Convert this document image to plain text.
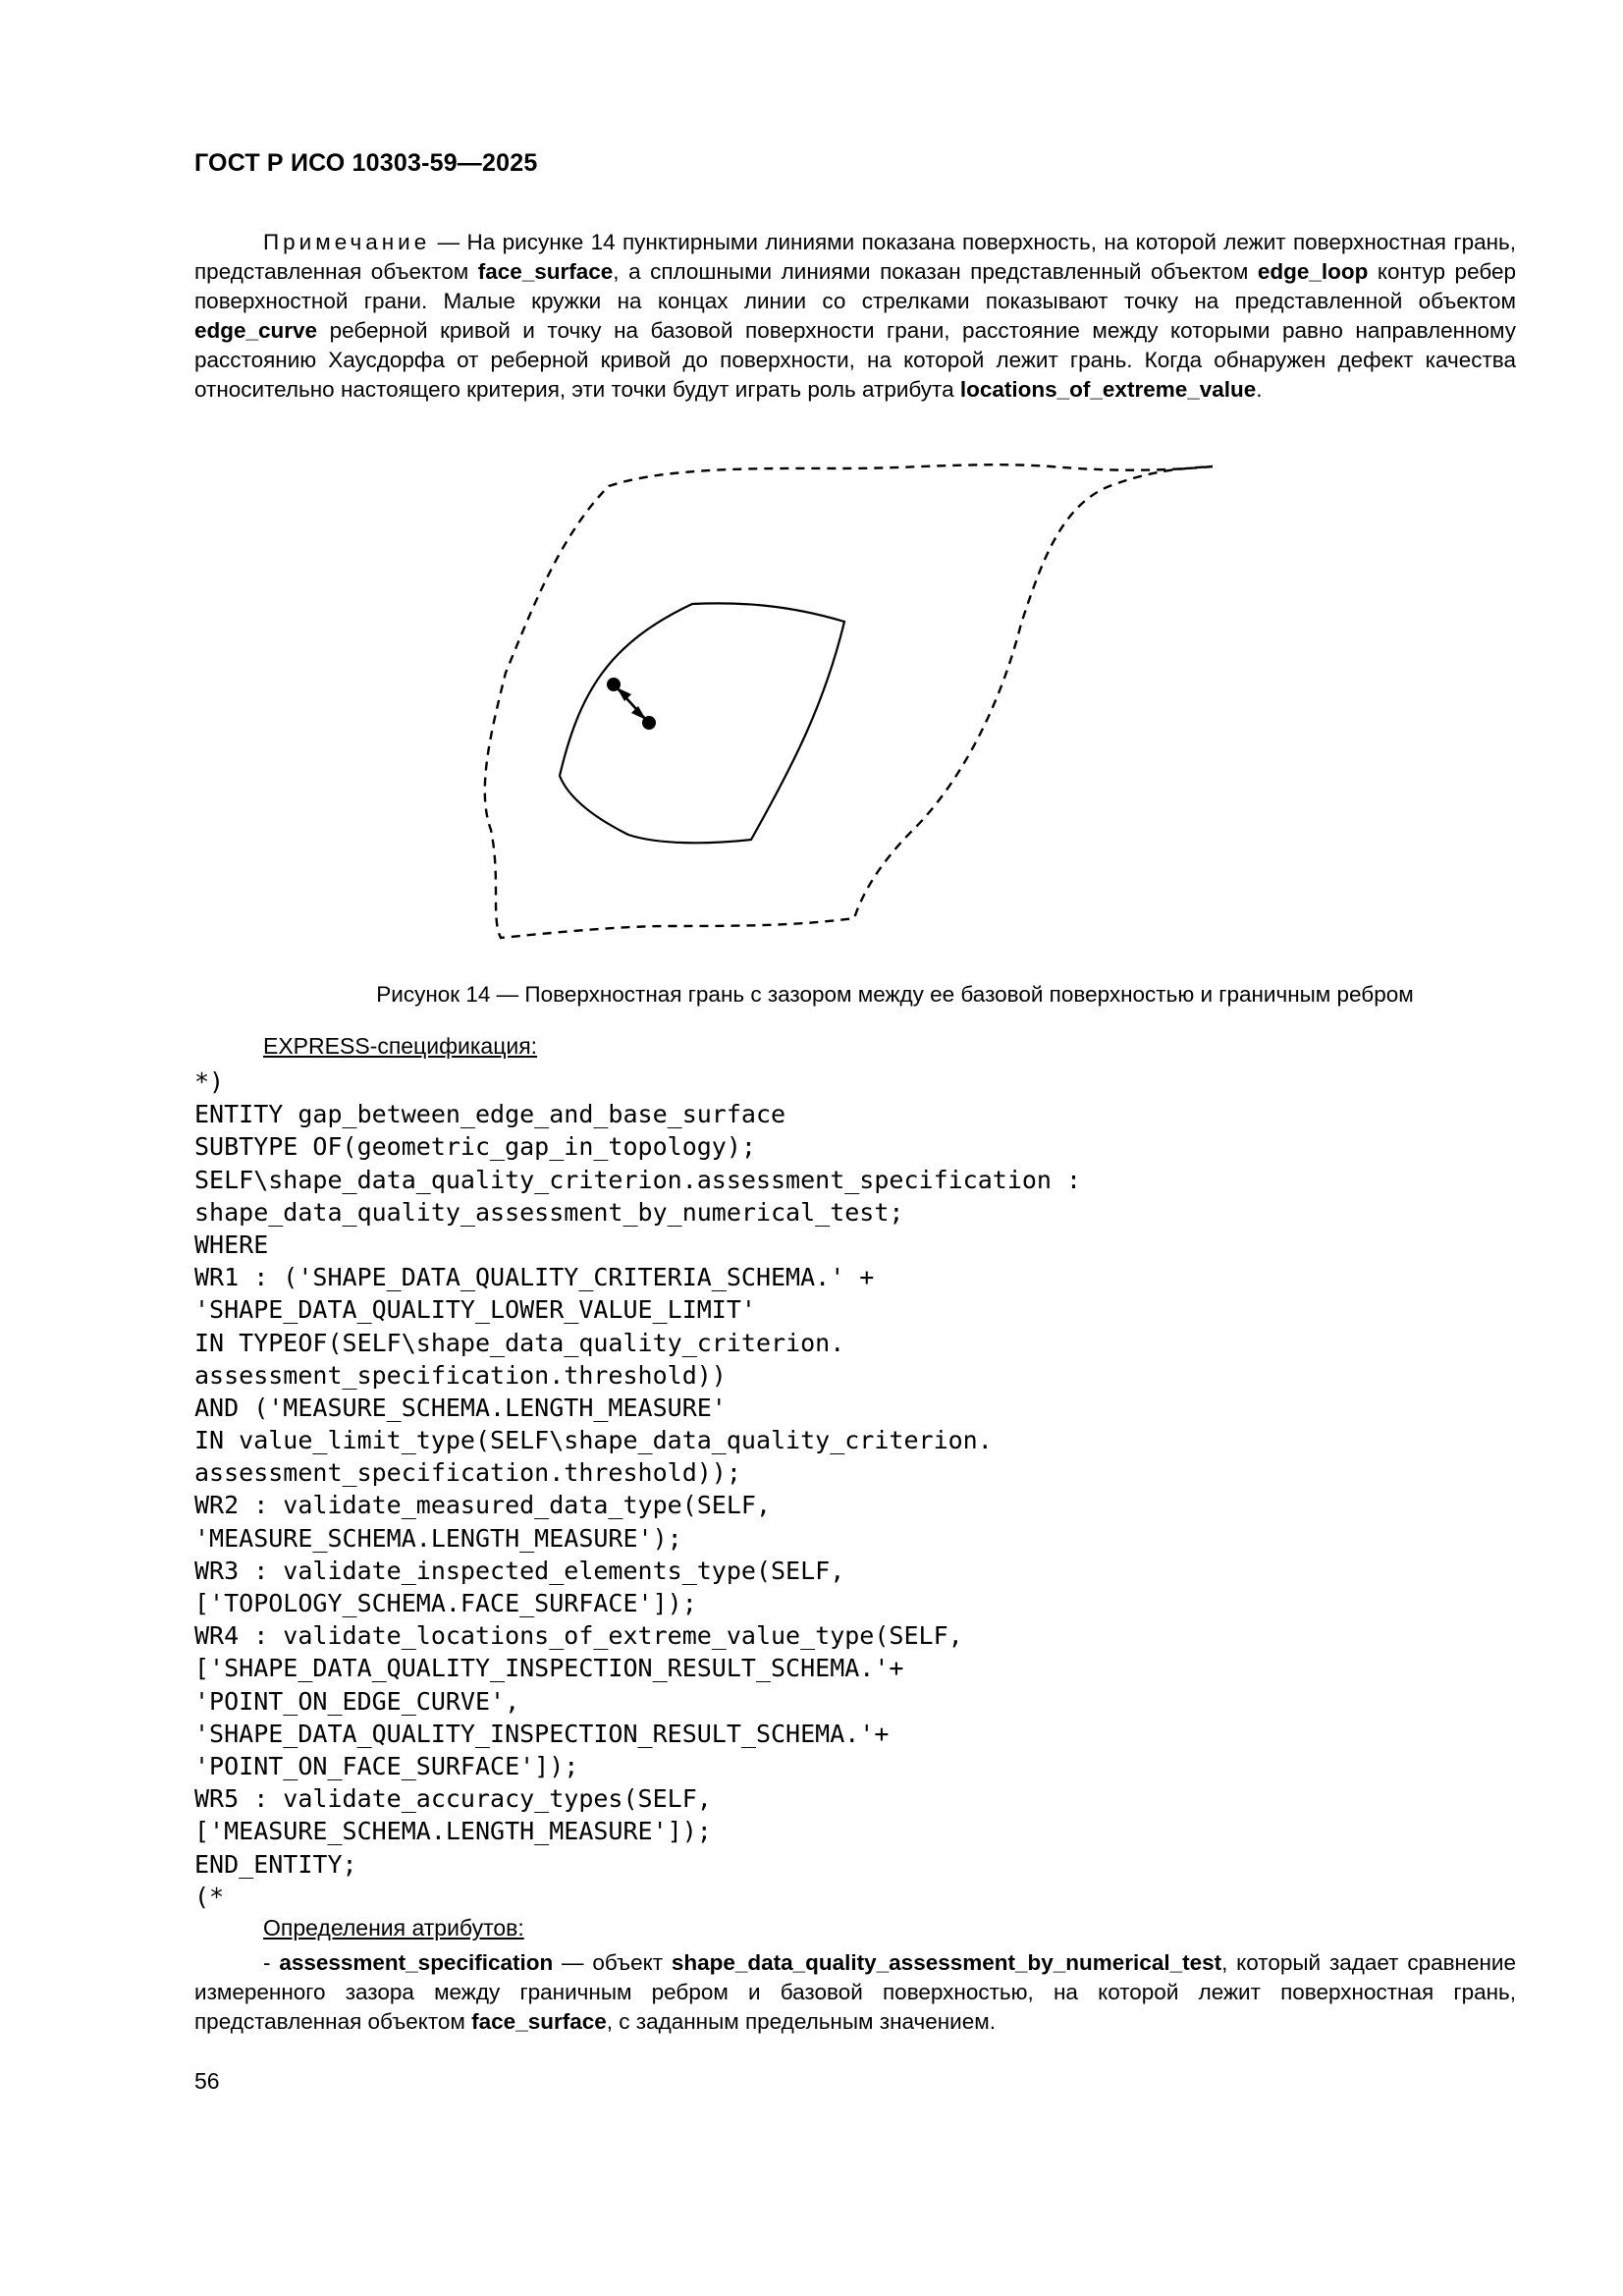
ГОСТ Р ИСО 10303-59—2025

Примечание — На рисунке 14 пунктирными линиями показана поверхность, на которой лежит поверхностная грань, представленная объектом face_surface, а сплошными линиями показан представленный объектом edge_loop контур ребер поверхностной грани. Малые кружки на концах линии со стрелками показывают точку на представленной объектом edge_curve реберной кривой и точку на базовой поверхности грани, расстояние между которыми равно направленному расстоянию Хаусдорфа от реберной кривой до поверхности, на которой лежит грань. Когда обнаружен дефект качества относительно настоящего критерия, эти точки будут играть роль атрибута locations_of_extreme_value.

Рисунок 14 — Поверхностная грань с зазором между ее базовой поверхностью и граничным ребром
EXPRESS-спецификация:
*)
ENTITY gap_between_edge_and_base_surface
SUBTYPE OF(geometric_gap_in_topology);
SELF\shape_data_quality_criterion.assessment_specification :
shape_data_quality_assessment_by_numerical_test;
WHERE
WR1 : ('SHAPE_DATA_QUALITY_CRITERIA_SCHEMA.' +
'SHAPE_DATA_QUALITY_LOWER_VALUE_LIMIT'
IN TYPEOF(SELF\shape_data_quality_criterion.
assessment_specification.threshold))
AND ('MEASURE_SCHEMA.LENGTH_MEASURE'
IN value_limit_type(SELF\shape_data_quality_criterion.
assessment_specification.threshold));
WR2 : validate_measured_data_type(SELF,
'MEASURE_SCHEMA.LENGTH_MEASURE');
WR3 : validate_inspected_elements_type(SELF,
['TOPOLOGY_SCHEMA.FACE_SURFACE']);
WR4 : validate_locations_of_extreme_value_type(SELF,
['SHAPE_DATA_QUALITY_INSPECTION_RESULT_SCHEMA.'+
'POINT_ON_EDGE_CURVE',
'SHAPE_DATA_QUALITY_INSPECTION_RESULT_SCHEMA.'+
'POINT_ON_FACE_SURFACE']);
WR5 : validate_accuracy_types(SELF,
['MEASURE_SCHEMA.LENGTH_MEASURE']);
END_ENTITY;
(*
Определения атрибутов:

- assessment_specification — объект shape_data_quality_assessment_by_numerical_test, который задает сравнение измеренного зазора между граничным ребром и базовой поверхностью, на которой лежит поверхностная грань, представленная объектом face_surface, с заданным предельным значением.

56
